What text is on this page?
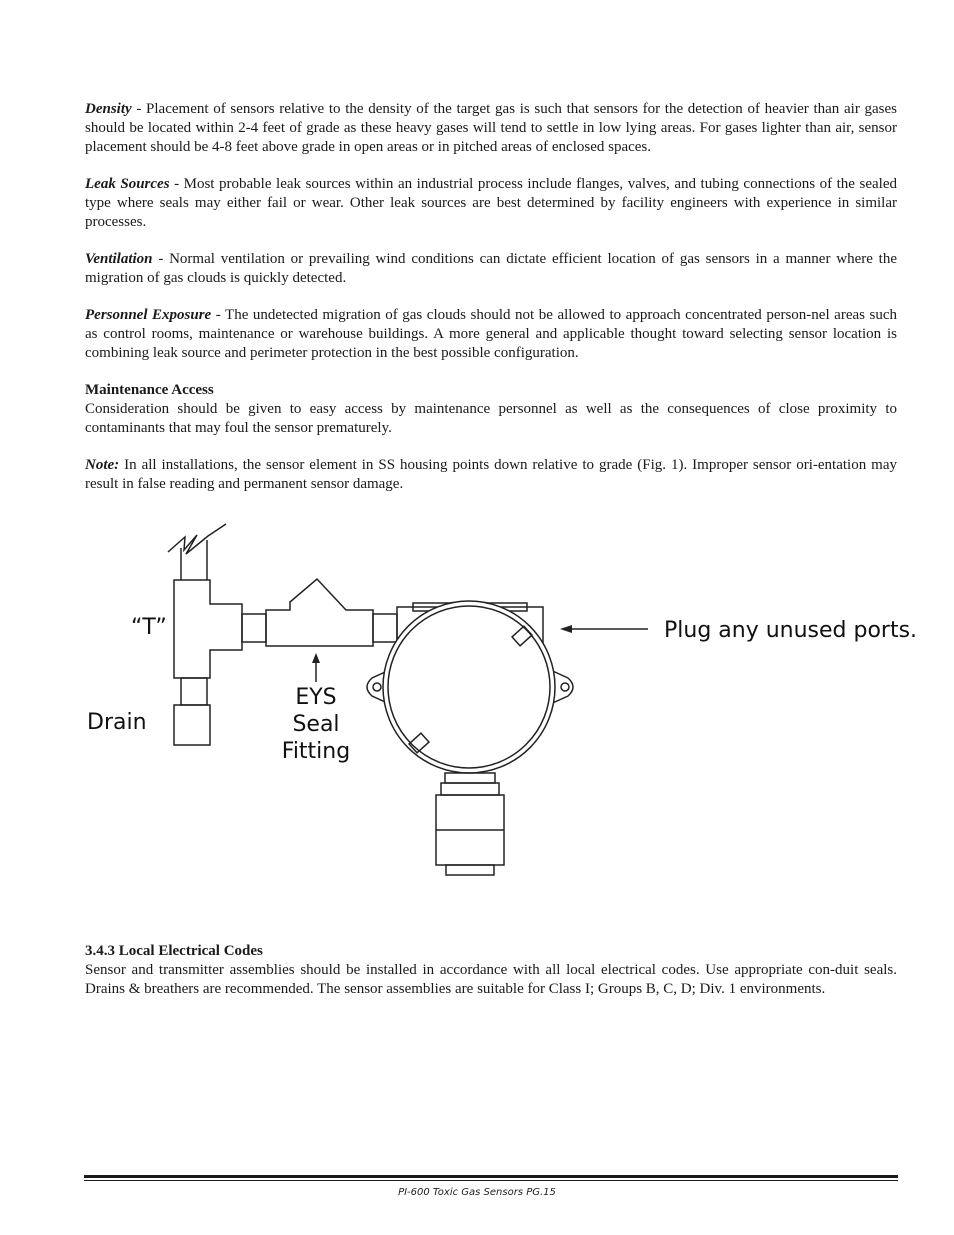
Density - Placement of sensors relative to the density of the target gas is such that sensors for the detection of heavier than air gases should be located within 2-4 feet of grade as these heavy gases will tend to settle in low lying areas. For gases lighter than air, sensor placement should be 4-8 feet above grade in open areas or in pitched areas of enclosed spaces.

Leak Sources - Most probable leak sources within an industrial process include flanges, valves, and tubing connections of the sealed type where seals may either fail or wear. Other leak sources are best determined by facility engineers with experience in similar processes.

Ventilation - Normal ventilation or prevailing wind conditions can dictate efficient location of gas sensors in a manner where the migration of gas clouds is quickly detected.

Personnel Exposure - The undetected migration of gas clouds should not be allowed to approach concentrated person-nel areas such as control rooms, maintenance or warehouse buildings. A more general and applicable thought toward selecting sensor location is combining leak source and perimeter protection in the best possible configuration.

Maintenance Access
Consideration should be given to easy access by maintenance personnel as well as the consequences of close proximity to contaminants that may foul the sensor prematurely.

Note: In all installations, the sensor element in SS housing points down relative to grade (Fig. 1). Improper sensor ori-entation may result in false reading and permanent sensor damage.

“T”

Drain

EYS Seal Fitting

Plug any unused ports.

3.4.3 Local Electrical Codes
Sensor and transmitter assemblies should be installed in accordance with all local electrical codes. Use appropriate con-duit seals. Drains & breathers are recommended. The sensor assemblies are suitable for Class I; Groups B, C, D; Div. 1 environments.

PI-600 Toxic Gas Sensors PG.15
